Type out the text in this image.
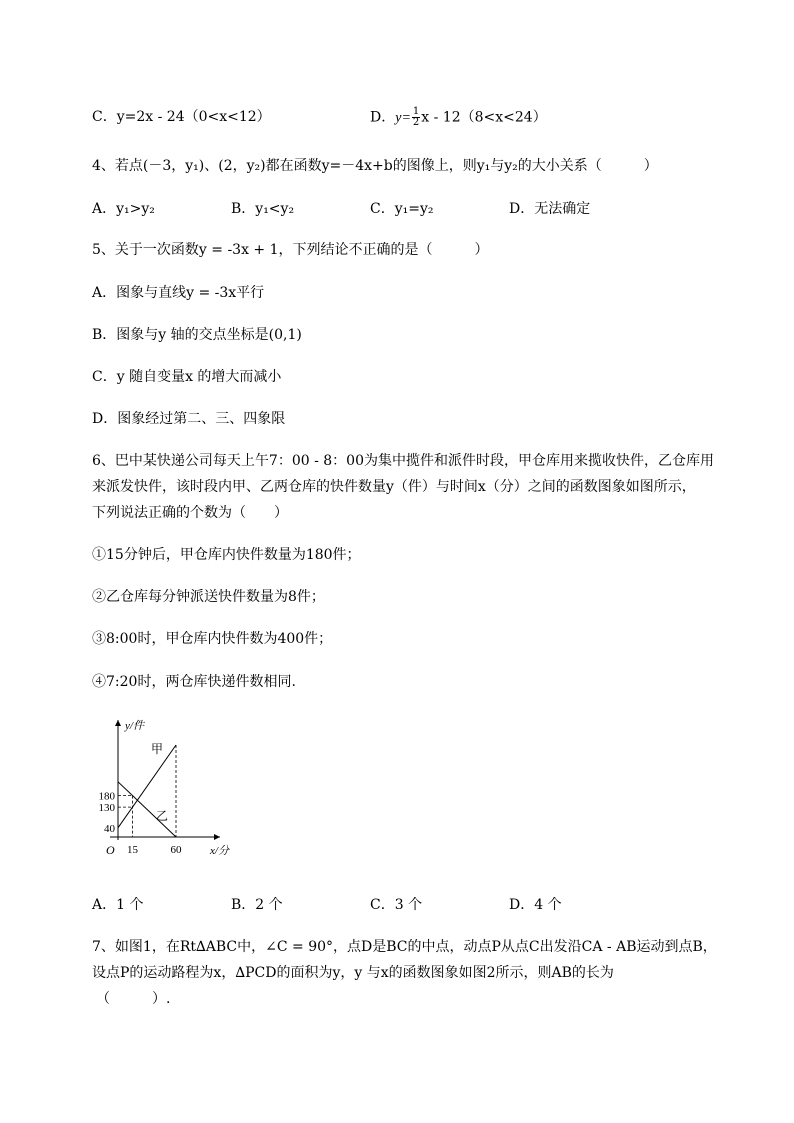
C．y=2x - 24（0<x<12）	D．$y= \frac{1}{2}$ x - 12（8<x<24）
4、若点(－3，y₁)、(2，y₂)都在函数y=－4x+b的图像上，则y₁与y₂的大小关系（　　　）
A．y₁>y₂	B．y₁<y₂	C．y₁=y₂	D．无法确定
5、关于一次函数y = -3x + 1，下列结论不正确的是（　　　）
A．图象与直线y = -3x平行
B．图象与y 轴的交点坐标是(0,1)
C．y 随自变量x 的增大而减小
D．图象经过第二、三、四象限
6、巴中某快递公司每天上午7：00 - 8：00为集中揽件和派件时段，甲仓库用来揽收快件，乙仓库用
来派发快件，该时段内甲、乙两仓库的快件数量y（件）与时间x（分）之间的函数图象如图所示，
下列说法正确的个数为（　　）
①15分钟后，甲仓库内快件数量为180件；
②乙仓库每分钟派送快件数量为8件；
③8:00时，甲仓库内快件数为400件；
④7:20时，两仓库快递件数相同.
40
130
180
15	60
y/件
x/分
O
甲
乙
A．1 个	B．2 个	C．3 个	D．4 个
7、如图1，在Rt∆ABC中，∠C = 90°，点D是BC的中点，动点P从点C出发沿CA - AB运动到点B，
设点P的运动路程为x，∆PCD的面积为y，y 与x的函数图象如图2所示，则AB的长为
（　　　）.
